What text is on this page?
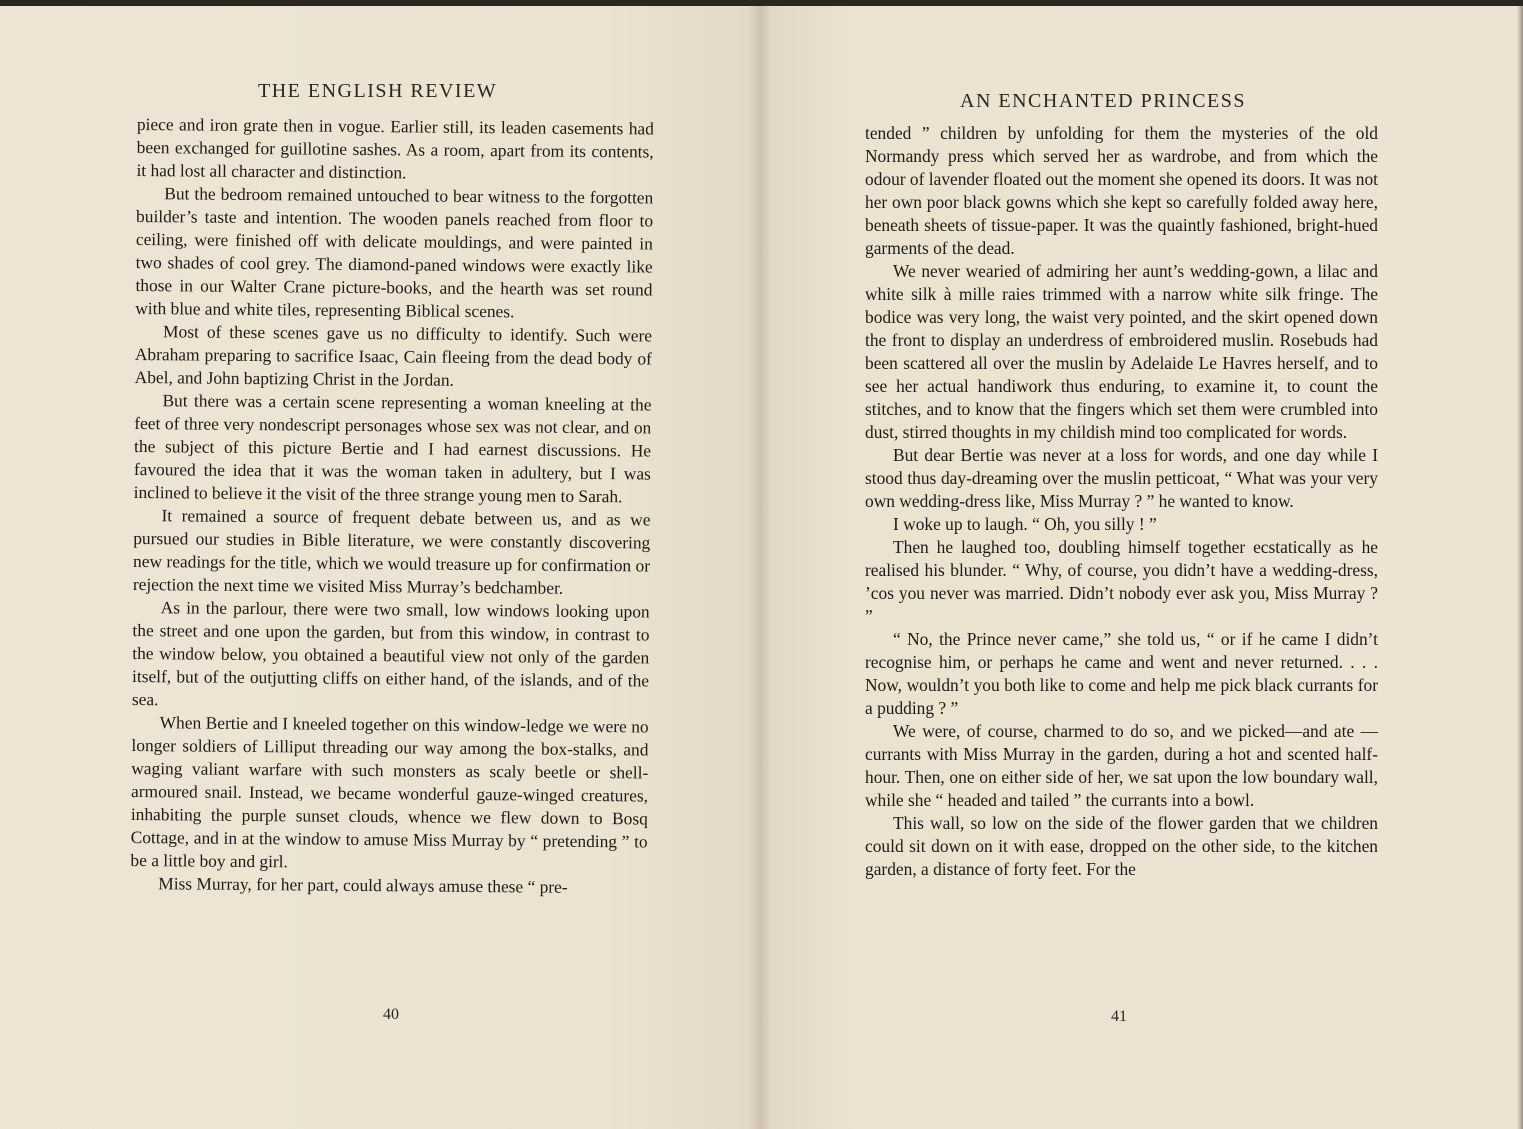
THE ENGLISH REVIEW

piece and iron grate then in vogue. Earlier still, its leaden casements had been exchanged for guillotine sashes. As a room, apart from its contents, it had lost all character and distinction.

But the bedroom remained untouched to bear witness to the forgotten builder’s taste and intention. The wooden panels reached from floor to ceiling, were finished off with delicate mouldings, and were painted in two shades of cool grey. The diamond-paned windows were exactly like those in our Walter Crane picture-books, and the hearth was set round with blue and white tiles, representing Biblical scenes.

Most of these scenes gave us no difficulty to identify. Such were Abraham preparing to sacrifice Isaac, Cain fleeing from the dead body of Abel, and John baptizing Christ in the Jordan.

But there was a certain scene representing a woman kneeling at the feet of three very nondescript personages whose sex was not clear, and on the subject of this picture Bertie and I had earnest discussions. He favoured the idea that it was the woman taken in adultery, but I was inclined to believe it the visit of the three strange young men to Sarah.

It remained a source of frequent debate between us, and as we pursued our studies in Bible literature, we were constantly discovering new readings for the title, which we would treasure up for confirmation or rejection the next time we visited Miss Murray’s bedchamber.

As in the parlour, there were two small, low windows looking upon the street and one upon the garden, but from this window, in contrast to the window below, you obtained a beautiful view not only of the garden itself, but of the outjutting cliffs on either hand, of the islands, and of the sea.

When Bertie and I kneeled together on this window-ledge we were no longer soldiers of Lilliput threading our way among the box-stalks, and waging valiant warfare with such monsters as scaly beetle or shell-armoured snail. Instead, we became wonderful gauze-winged creatures, inhabiting the purple sunset clouds, whence we flew down to Bosq Cottage, and in at the window to amuse Miss Murray by “ pretending ” to be a little boy and girl.

Miss Murray, for her part, could always amuse these “ pre-

40
AN ENCHANTED PRINCESS

tended ” children by unfolding for them the mysteries of the old Normandy press which served her as wardrobe, and from which the odour of lavender floated out the moment she opened its doors. It was not her own poor black gowns which she kept so carefully folded away here, beneath sheets of tissue-paper. It was the quaintly fashioned, bright-hued garments of the dead.

We never wearied of admiring her aunt’s wedding-gown, a lilac and white silk à mille raies trimmed with a narrow white silk fringe. The bodice was very long, the waist very pointed, and the skirt opened down the front to display an underdress of embroidered muslin. Rosebuds had been scattered all over the muslin by Adelaide Le Havres herself, and to see her actual handiwork thus enduring, to examine it, to count the stitches, and to know that the fingers which set them were crumbled into dust, stirred thoughts in my childish mind too complicated for words.

But dear Bertie was never at a loss for words, and one day while I stood thus day-dreaming over the muslin petticoat, “ What was your very own wedding-dress like, Miss Murray ? ” he wanted to know.

I woke up to laugh. “ Oh, you silly ! ”

Then he laughed too, doubling himself together ecstatically as he realised his blunder. “ Why, of course, you didn’t have a wedding-dress, ’cos you never was married. Didn’t nobody ever ask you, Miss Murray ? ”

“ No, the Prince never came,” she told us, “ or if he came I didn’t recognise him, or perhaps he came and went and never returned. . . . Now, wouldn’t you both like to come and help me pick black currants for a pudding ? ”

We were, of course, charmed to do so, and we picked—and ate —currants with Miss Murray in the garden, during a hot and scented half-hour. Then, one on either side of her, we sat upon the low boundary wall, while she “ headed and tailed ” the currants into a bowl.

This wall, so low on the side of the flower garden that we children could sit down on it with ease, dropped on the other side, to the kitchen garden, a distance of forty feet. For the

41
